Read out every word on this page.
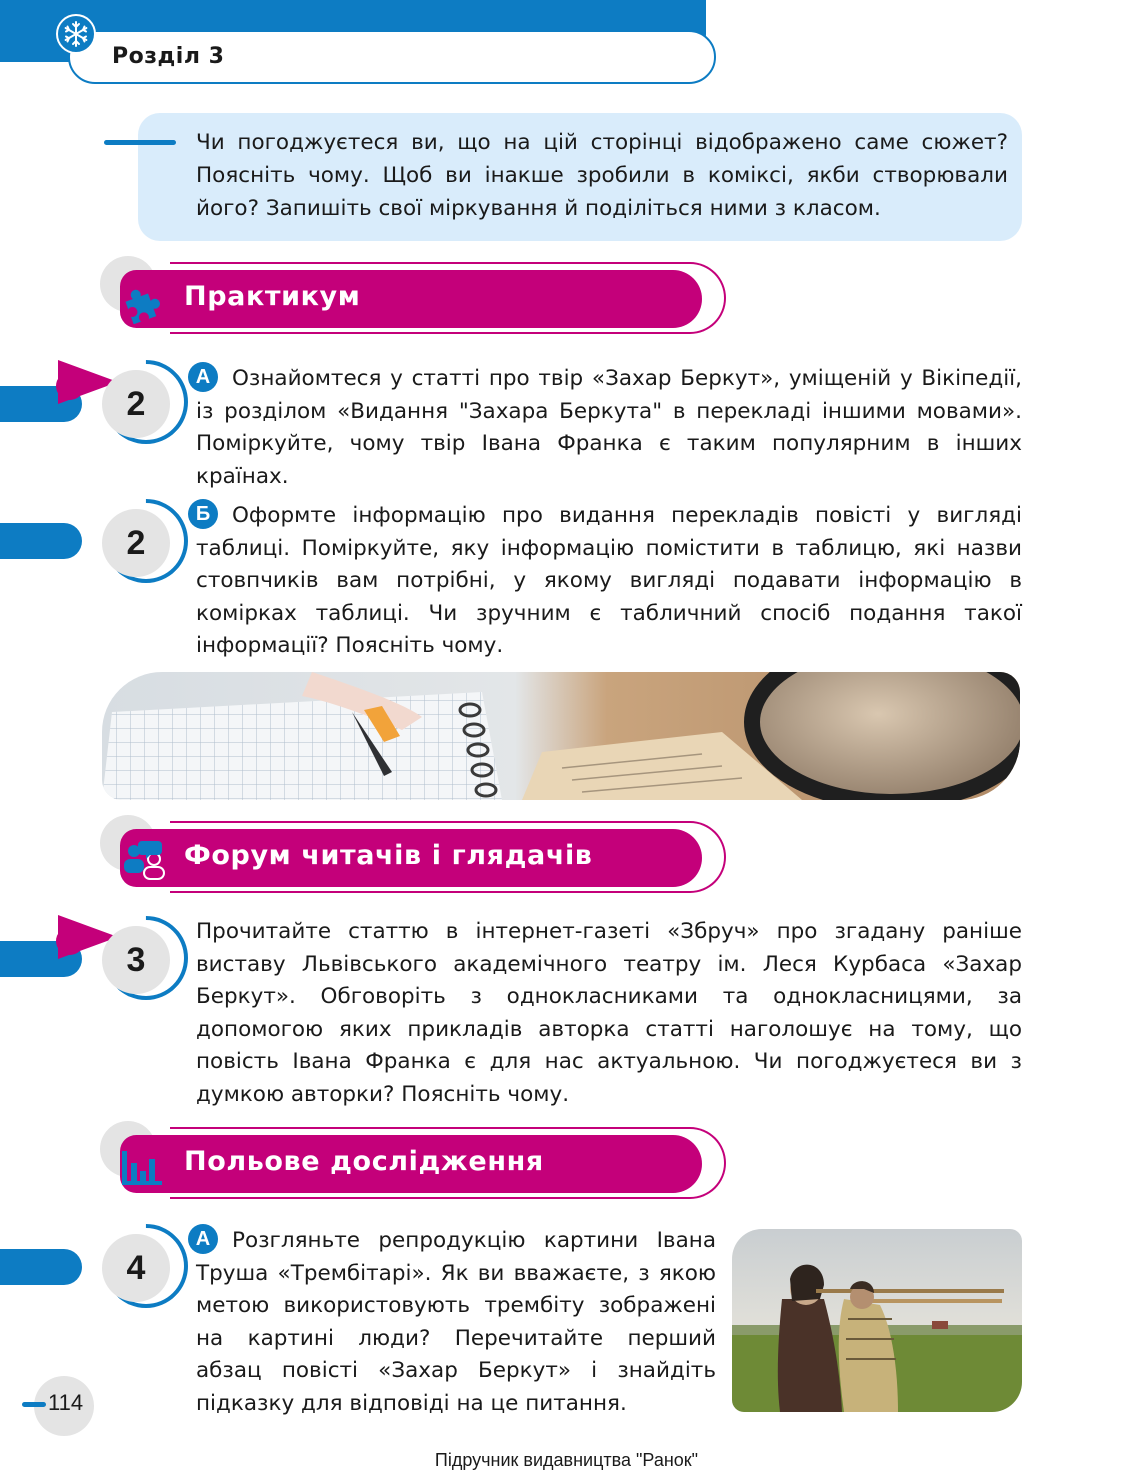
Розділ 3
Чи погоджуєтеся ви, що на цій сторінці відображено саме сюжет? Поясніть чому. Щоб ви інакше зробили в коміксі, якби створювали його? Запишіть свої міркування й поділіться ними з класом.
Практикум
2
А Ознайомтеся у статті про твір «Захар Беркут», уміщеній у Вікіпедії, із розділом «Видання "Захара Беркута" в перекладі іншими мовами». Поміркуйте, чому твір Івана Франка є таким популярним в інших країнах.
2
Б Оформте інформацію про видання перекладів повісті у вигляді таблиці. Поміркуйте, яку інформацію помістити в таблицю, які назви стовпчиків вам потрібні, у якому вигляді подавати інформацію в комірках таблиці. Чи зручним є табличний спосіб подання такої інформації? Поясніть чому.
Форум читачів і глядачів
3
Прочитайте статтю в інтернет-газеті «Збруч» про згадану раніше виставу Львівського академічного театру ім. Леся Курбаса «Захар Беркут». Обговоріть з однокласниками та однокласницями, за допомогою яких прикладів авторка статті наголошує на тому, що повість Івана Франка є для нас актуальною. Чи погоджуєтеся ви з думкою авторки? Поясніть чому.
Польове дослідження
4
А Розгляньте репродукцію картини Івана Труша «Трембітарі». Як ви вважаєте, з якою метою використовують трембіту зображені на картині люди? Перечитайте перший абзац повісті «Захар Беркут» і знайдіть підказку для відповіді на це питання.
114
Підручник видавництва "Ранок"
